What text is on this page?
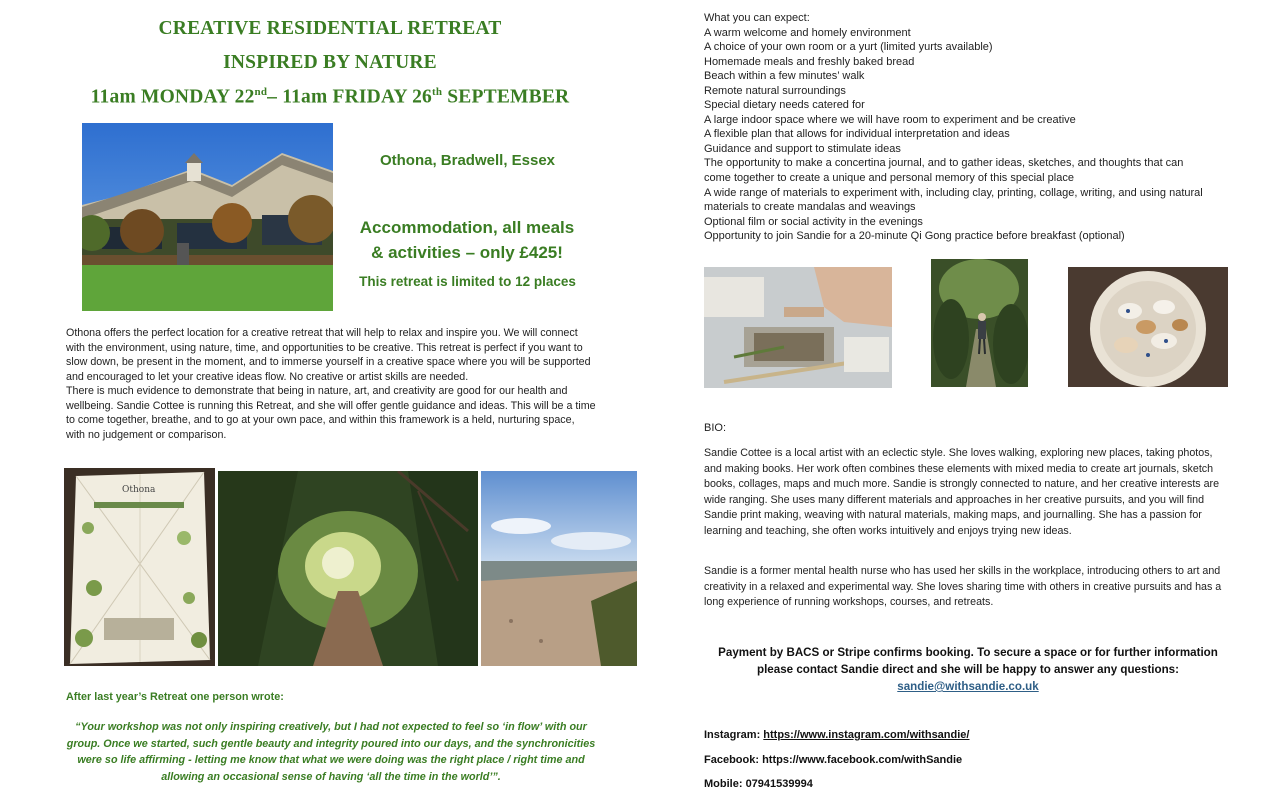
CREATIVE RESIDENTIAL RETREAT
INSPIRED BY NATURE
11am MONDAY 22nd– 11am FRIDAY 26th SEPTEMBER
Othona, Bradwell, Essex
Accommodation, all meals
& activities – only £425!
This retreat is limited to 12 places
Othona offers the perfect location for a creative retreat that will help to relax and inspire you. We will connect with the environment, using nature, time, and opportunities to be creative. This retreat is perfect if you want to slow down, be present in the moment, and to immerse yourself in a creative space where you will be supported and encouraged to let your creative ideas flow. No creative or artist skills are needed.
There is much evidence to demonstrate that being in nature, art, and creativity are good for our health and wellbeing. Sandie Cottee is running this Retreat, and she will offer gentle guidance and ideas. This will be a time to come together, breathe, and to go at your own pace, and within this framework is a held, nurturing space, with no judgement or comparison.
Othona
After last year’s Retreat one person wrote:
“Your workshop was not only inspiring creatively, but I had not expected to feel so ‘in flow’ with our group. Once we started, such gentle beauty and integrity poured into our days, and the synchronicities were so life affirming - letting me know that what we were doing was the right place / right time and allowing an occasional sense of having ‘all the time in the world’”.
What you can expect:
A warm welcome and homely environment
A choice of your own room or a yurt (limited yurts available)
Homemade meals and freshly baked bread
Beach within a few minutes’ walk
Remote natural surroundings
Special dietary needs catered for
A large indoor space where we will have room to experiment and be creative
A flexible plan that allows for individual interpretation and ideas
Guidance and support to stimulate ideas
The opportunity to make a concertina journal, and to gather ideas, sketches, and thoughts that can
come together to create a unique and personal memory of this special place
A wide range of materials to experiment with, including clay, printing, collage, writing, and using natural
materials to create mandalas and weavings
Optional film or social activity in the evenings
Opportunity to join Sandie for a 20-minute Qi Gong practice before breakfast (optional)
BIO:
Sandie Cottee is a local artist with an eclectic style. She loves walking, exploring new places, taking photos, and making books. Her work often combines these elements with mixed media to create art journals, sketch books, collages, maps and much more. Sandie is strongly connected to nature, and her creative interests are wide ranging. She uses many different materials and approaches in her creative pursuits, and you will find Sandie print making, weaving with natural materials, making maps, and journalling. She has a passion for learning and teaching, she often works intuitively and enjoys trying new ideas.
Sandie is a former mental health nurse who has used her skills in the workplace, introducing others to art and creativity in a relaxed and experimental way. She loves sharing time with others in creative pursuits and has a long experience of running workshops, courses, and retreats.
Payment by BACS or Stripe confirms booking. To secure a space or for further information
please contact Sandie direct and she will be happy to answer any questions:
sandie@withsandie.co.uk
Instagram: https://www.instagram.com/withsandie/
Facebook: https://www.facebook.com/withSandie
Mobile: 07941539994
